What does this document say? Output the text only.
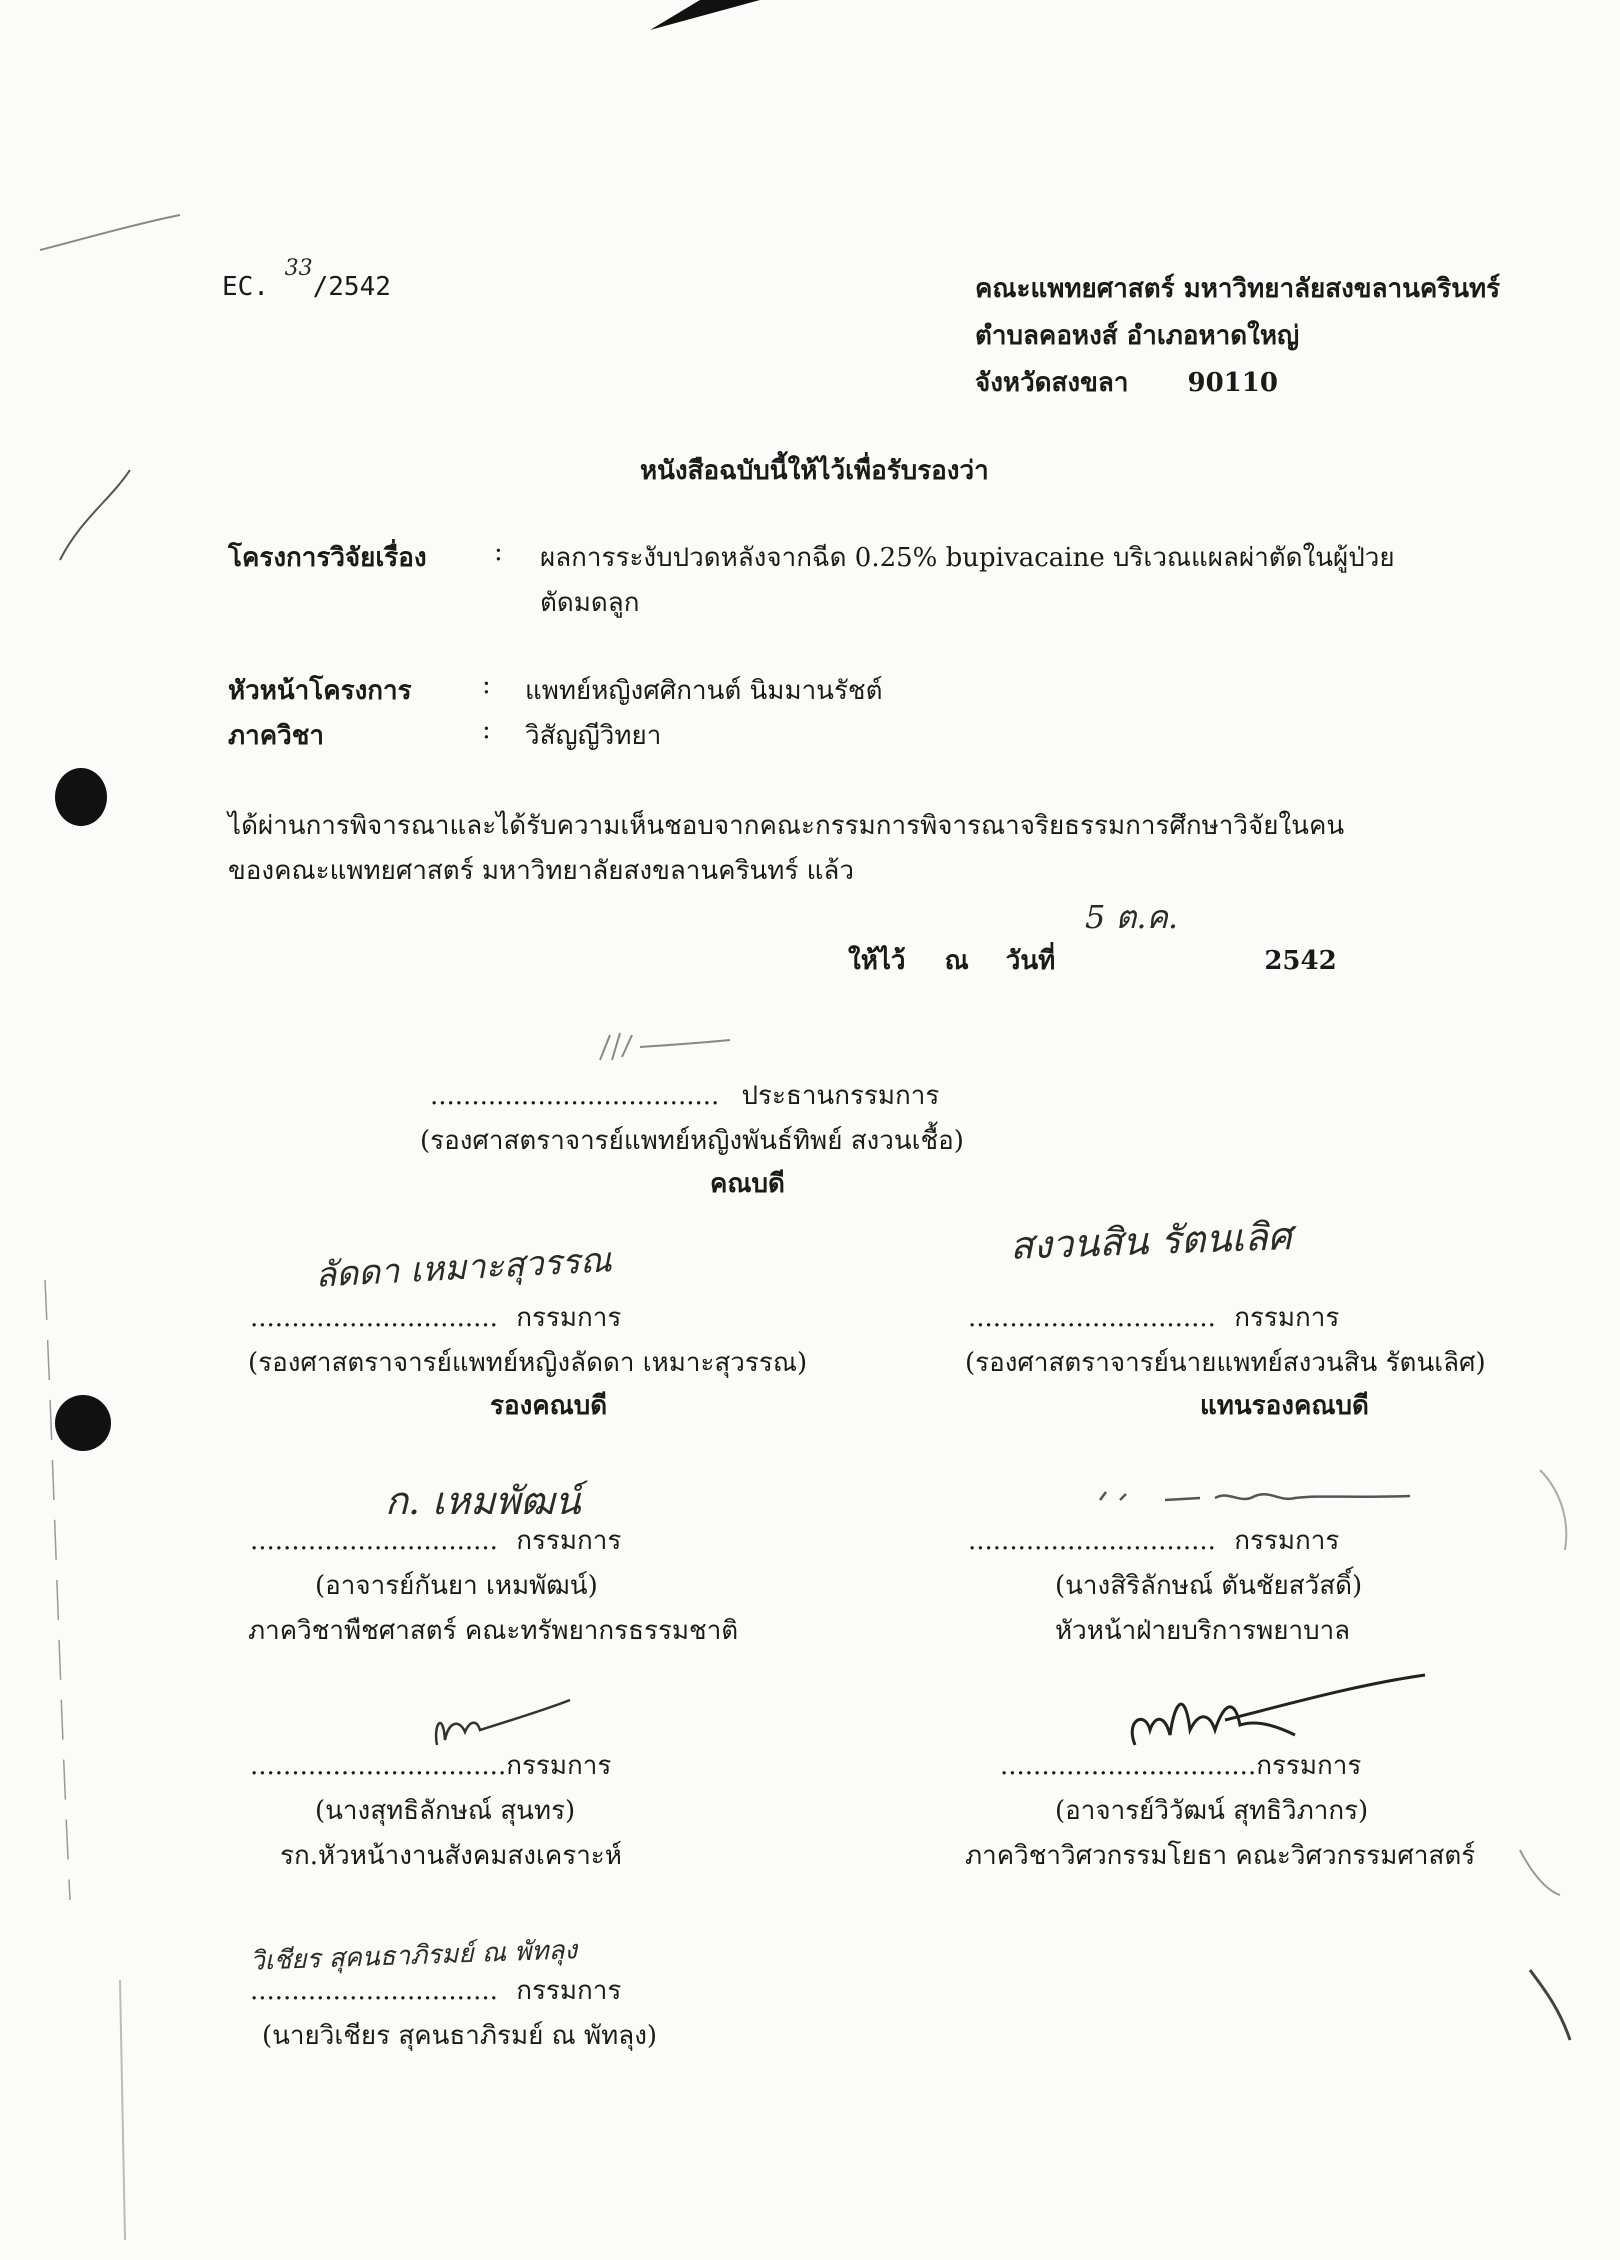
EC. $^{33}$/2542	คณะแพทยศาสตร์ มหาวิทยาลัยสงขลานครินทร์
ตำบลคอหงส์ อำเภอหาดใหญ่
จังหวัดสงขลา 90110
หนังสือฉบับนี้ให้ไว้เพื่อรับรองว่า
โครงการวิจัยเรื่อง	: ผลการระงับปวดหลังจากฉีด 0.25% bupivacaine บริเวณแผลผ่าตัดในผู้ป่วย
ตัดมดลูก
หัวหน้าโครงการ	: แพทย์หญิงศศิกานต์ นิมมานรัชต์
ภาควิชา	: วิสัญญีวิทยา
ได้ผ่านการพิจารณาและได้รับความเห็นชอบจากคณะกรรมการพิจารณาจริยธรรมการศึกษาวิจัยในคน
ของคณะแพทยศาสตร์ มหาวิทยาลัยสงขลานครินทร์ แล้ว
5 ต.ค.
ให้ไว้ ณ วันที่	2542
................................... ประธานกรรมการ
(รองศาสตราจารย์แพทย์หญิงพันธ์ทิพย์ สงวนเชื้อ)
คณบดี
ลัดดา เหมาะสุวรรณ
.............................. กรรมการ
(รองศาสตราจารย์แพทย์หญิงลัดดา เหมาะสุวรรณ)
รองคณบดี
สงวนสิน รัตนเลิศ
.............................. กรรมการ
(รองศาสตราจารย์นายแพทย์สงวนสิน รัตนเลิศ)
แทนรองคณบดี
ก. เหมพัฒน์
.............................. กรรมการ
(อาจารย์กันยา เหมพัฒน์)
ภาควิชาพืชศาสตร์ คณะทรัพยากรธรรมชาติ
.............................. กรรมการ
(นางสิริลักษณ์ ตันชัยสวัสดิ์)
หัวหน้าฝ่ายบริการพยาบาล
...............................กรรมการ
(นางสุทธิลักษณ์ สุนทร)
รก.หัวหน้างานสังคมสงเคราะห์
...............................กรรมการ
(อาจารย์วิวัฒน์ สุทธิวิภากร)
ภาควิชาวิศวกรรมโยธา คณะวิศวกรรมศาสตร์
วิเชียร สุคนธาภิรมย์ ณ พัทลุง
.............................. กรรมการ
(นายวิเชียร สุคนธาภิรมย์ ณ พัทลุง)
